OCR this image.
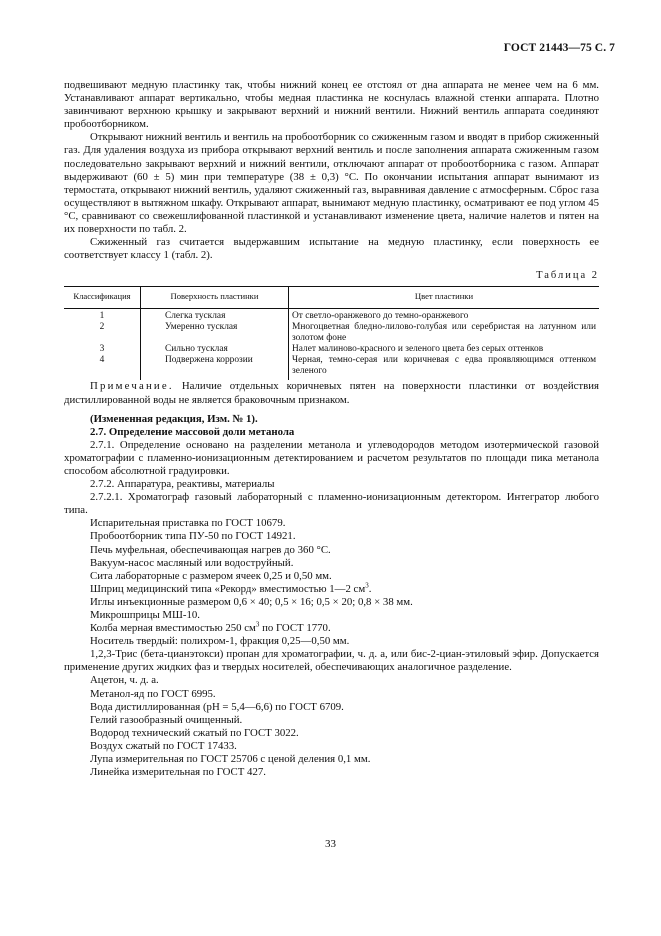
ГОСТ 21443—75 С. 7

подвешивают медную пластинку так, чтобы нижний конец ее отстоял от дна аппарата не менее чем на 6 мм. Устанавливают аппарат вертикально, чтобы медная пластинка не коснулась влажной стенки аппарата. Плотно завинчивают верхнюю крышку и закрывают верхний и нижний вентили. Нижний вентиль аппарата соединяют пробоотборником.

Открывают нижний вентиль и вентиль на пробоотборник со сжиженным газом и вводят в прибор сжиженный газ. Для удаления воздуха из прибора открывают верхний вентиль и после заполнения аппарата сжиженным газом последовательно закрывают верхний и нижний вентили, отключают аппарат от пробоотборника с газом. Аппарат выдерживают (60 ± 5) мин при температуре (38 ± 0,3) °С. По окончании испытания аппарат вынимают из термостата, открывают нижний вентиль, удаляют сжиженный газ, выравнивая давление с атмосферным. Сброс газа осуществляют в вытяжном шкафу. Открывают аппарат, вынимают медную пластинку, осматривают ее под углом 45 °С, сравнивают со свежешлифованной пластинкой и устанавливают изменение цвета, наличие налетов и пятен на их поверхности по табл. 2.

Сжиженный газ считается выдержавшим испытание на медную пластинку, если поверхность ее соответствует классу 1 (табл. 2).

Таблица 2
Классификация	Поверхность пластинки	Цвет пластинки
1	Слегка тусклая	От светло-оранжевого до темно-оранжевого
2	Умеренно тусклая	Многоцветная бледно-лилово-голубая или серебристая на латунном или золотом фоне
3	Сильно тусклая	Налет малиново-красного и зеленого цвета без серых оттенков
4	Подвержена коррозии	Черная, темно-серая или коричневая с едва проявляющимся оттенком зеленого

Примечание. Наличие отдельных коричневых пятен на поверхности пластинки от воздействия дистиллированной воды не является браковочным признаком.

(Измененная редакция, Изм. № 1).

2.7. Определение массовой доли метанола

2.7.1. Определение основано на разделении метанола и углеводородов методом изотермической газовой хроматографии с пламенно-ионизационным детектированием и расчетом результатов по площади пика метанола способом абсолютной градуировки.

2.7.2. Аппаратура, реактивы, материалы

2.7.2.1. Хроматограф газовый лабораторный с пламенно-ионизационным детектором. Интегратор любого типа.

Испарительная приставка по ГОСТ 10679.

Пробоотборник типа ПУ-50 по ГОСТ 14921.

Печь муфельная, обеспечивающая нагрев до 360 °С.

Вакуум-насос масляный или водоструйный.

Сита лабораторные с размером ячеек 0,25 и 0,50 мм.

Шприц медицинский типа «Рекорд» вместимостью 1—2 $см^3$.

Иглы инъекционные размером 0,6 × 40; 0,5 × 16; 0,5 × 20; 0,8 × 38 мм.

Микрошприцы МШ-10.

Колба мерная вместимостью 250 $см^3$ по ГОСТ 1770.

Носитель твердый: полихром-1, фракция 0,25—0,50 мм.

1,2,3-Трис (бета-цианэтокси) пропан для хроматографии, ч. д. а, или бис-2-циан-этиловый эфир. Допускается применение других жидких фаз и твердых носителей, обеспечивающих аналогичное разделение.

Ацетон, ч. д. а.

Метанол-яд по ГОСТ 6995.

Вода дистиллированная (рН = 5,4—6,6) по ГОСТ 6709.

Гелий газообразный очищенный.

Водород технический сжатый по ГОСТ 3022.

Воздух сжатый по ГОСТ 17433.

Лупа измерительная по ГОСТ 25706 с ценой деления 0,1 мм.

Линейка измерительная по ГОСТ 427.

33
